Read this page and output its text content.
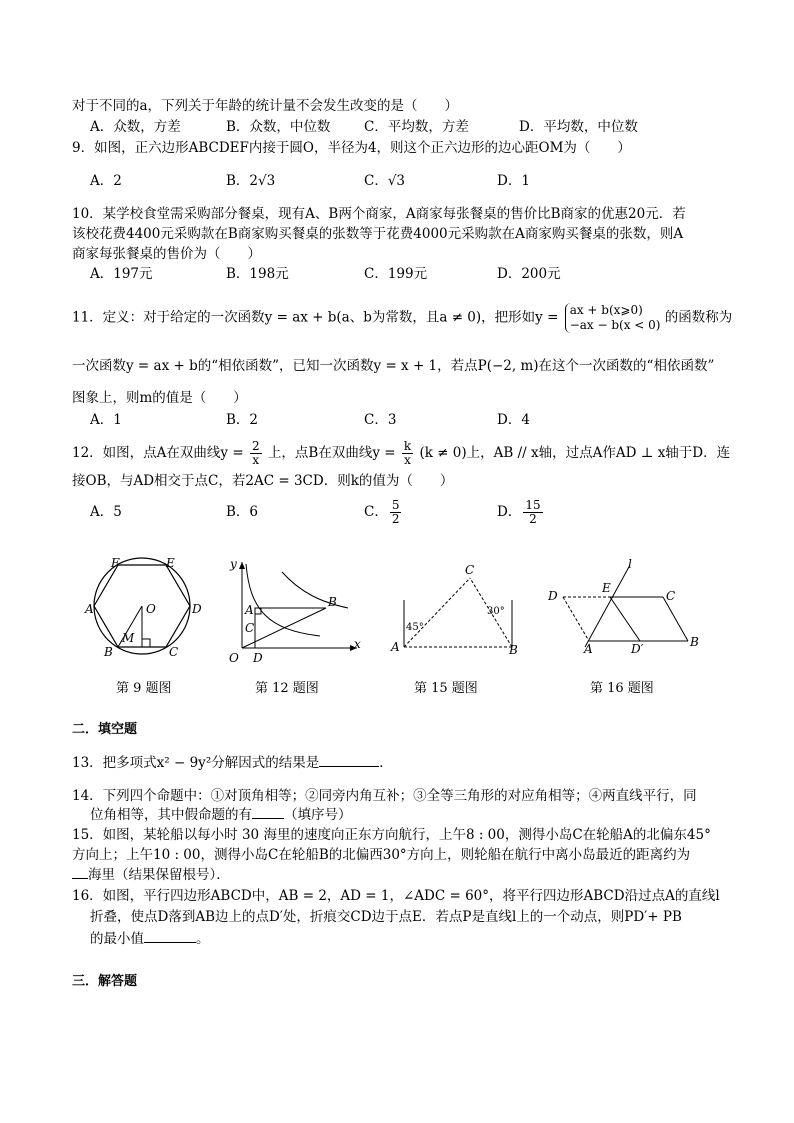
对于不同的a，下列关于年龄的统计量不会发生改变的是（　　）
A．众数，方差	B．众数，中位数 C．平均数，方差	D．平均数，中位数
9．如图，正六边形ABCDEF内接于圆O，半径为4，则这个正六边形的边心距OM为（　　）
A．2	B．2√3	C．√3	D．1
10．某学校食堂需采购部分餐桌，现有A、B两个商家，A商家每张餐桌的售价比B商家的优惠20元．若
该校花费4400元采购款在B商家购买餐桌的张数等于花费4000元采购款在A商家购买餐桌的张数，则A
商家每张餐桌的售价为（　　）
A．197元	B．198元	C．199元	D．200元
11．定义：对于给定的一次函数y = ax + b(a、b为常数，且a ≠ 0)，把形如y = ax + b(x⩾0)
−ax − b(x < 0) 的函数称为
一次函数y = ax + b的“相依函数”，已知一次函数y = x + 1，若点P(−2, m)在这个一次函数的“相依函数”
图象上，则m的值是（　　）
A．1	B．2	C．3	D．4
12．如图，点A在双曲线$y = \frac{2}{x}$ 上，点B在双曲线$y = \frac{k}{x} (k \ne 0)$上，AB // x轴，过点A作AD ⊥ x轴于D．连
接OB，与AD相交于点C，若2AC = 3CD．则k的值为（　　）
A．5	B．6	C． $\frac{5}{2}$	D． $\frac{15}{2}$
A
B	C
D
E
F
O
M
y
x
O
A
B
C
D
A	B
C
45°
30°
D
E
C
A	B
D′
l
第 9 题图	第 12 题图	第 15 题图	第 16 题图
二．填空题
13．把多项式x² − 9y²分解因式的结果是	．
14．下列四个命题中：①对顶角相等；②同旁内角互补；③全等三角形的对应角相等；④两直线平行，同
位角相等，其中假命题的有 （填序号）
15．如图，某轮船以每小时 30 海里的速度向正东方向航行，上午8 : 00，测得小岛C在轮船A的北偏东45°
方向上；上午10 : 00，测得小岛C在轮船B的北偏西30°方向上，则轮船在航行中离小岛最近的距离约为
海里（结果保留根号）．
16．如图，平行四边形ABCD中，AB = 2，AD = 1，∠ADC = 60°，将平行四边形ABCD沿过点A的直线l
折叠，使点D落到AB边上的点D′处，折痕交CD边于点E．若点P是直线l上的一个动点，则PD′+ PB
的最小值	。
三．解答题
